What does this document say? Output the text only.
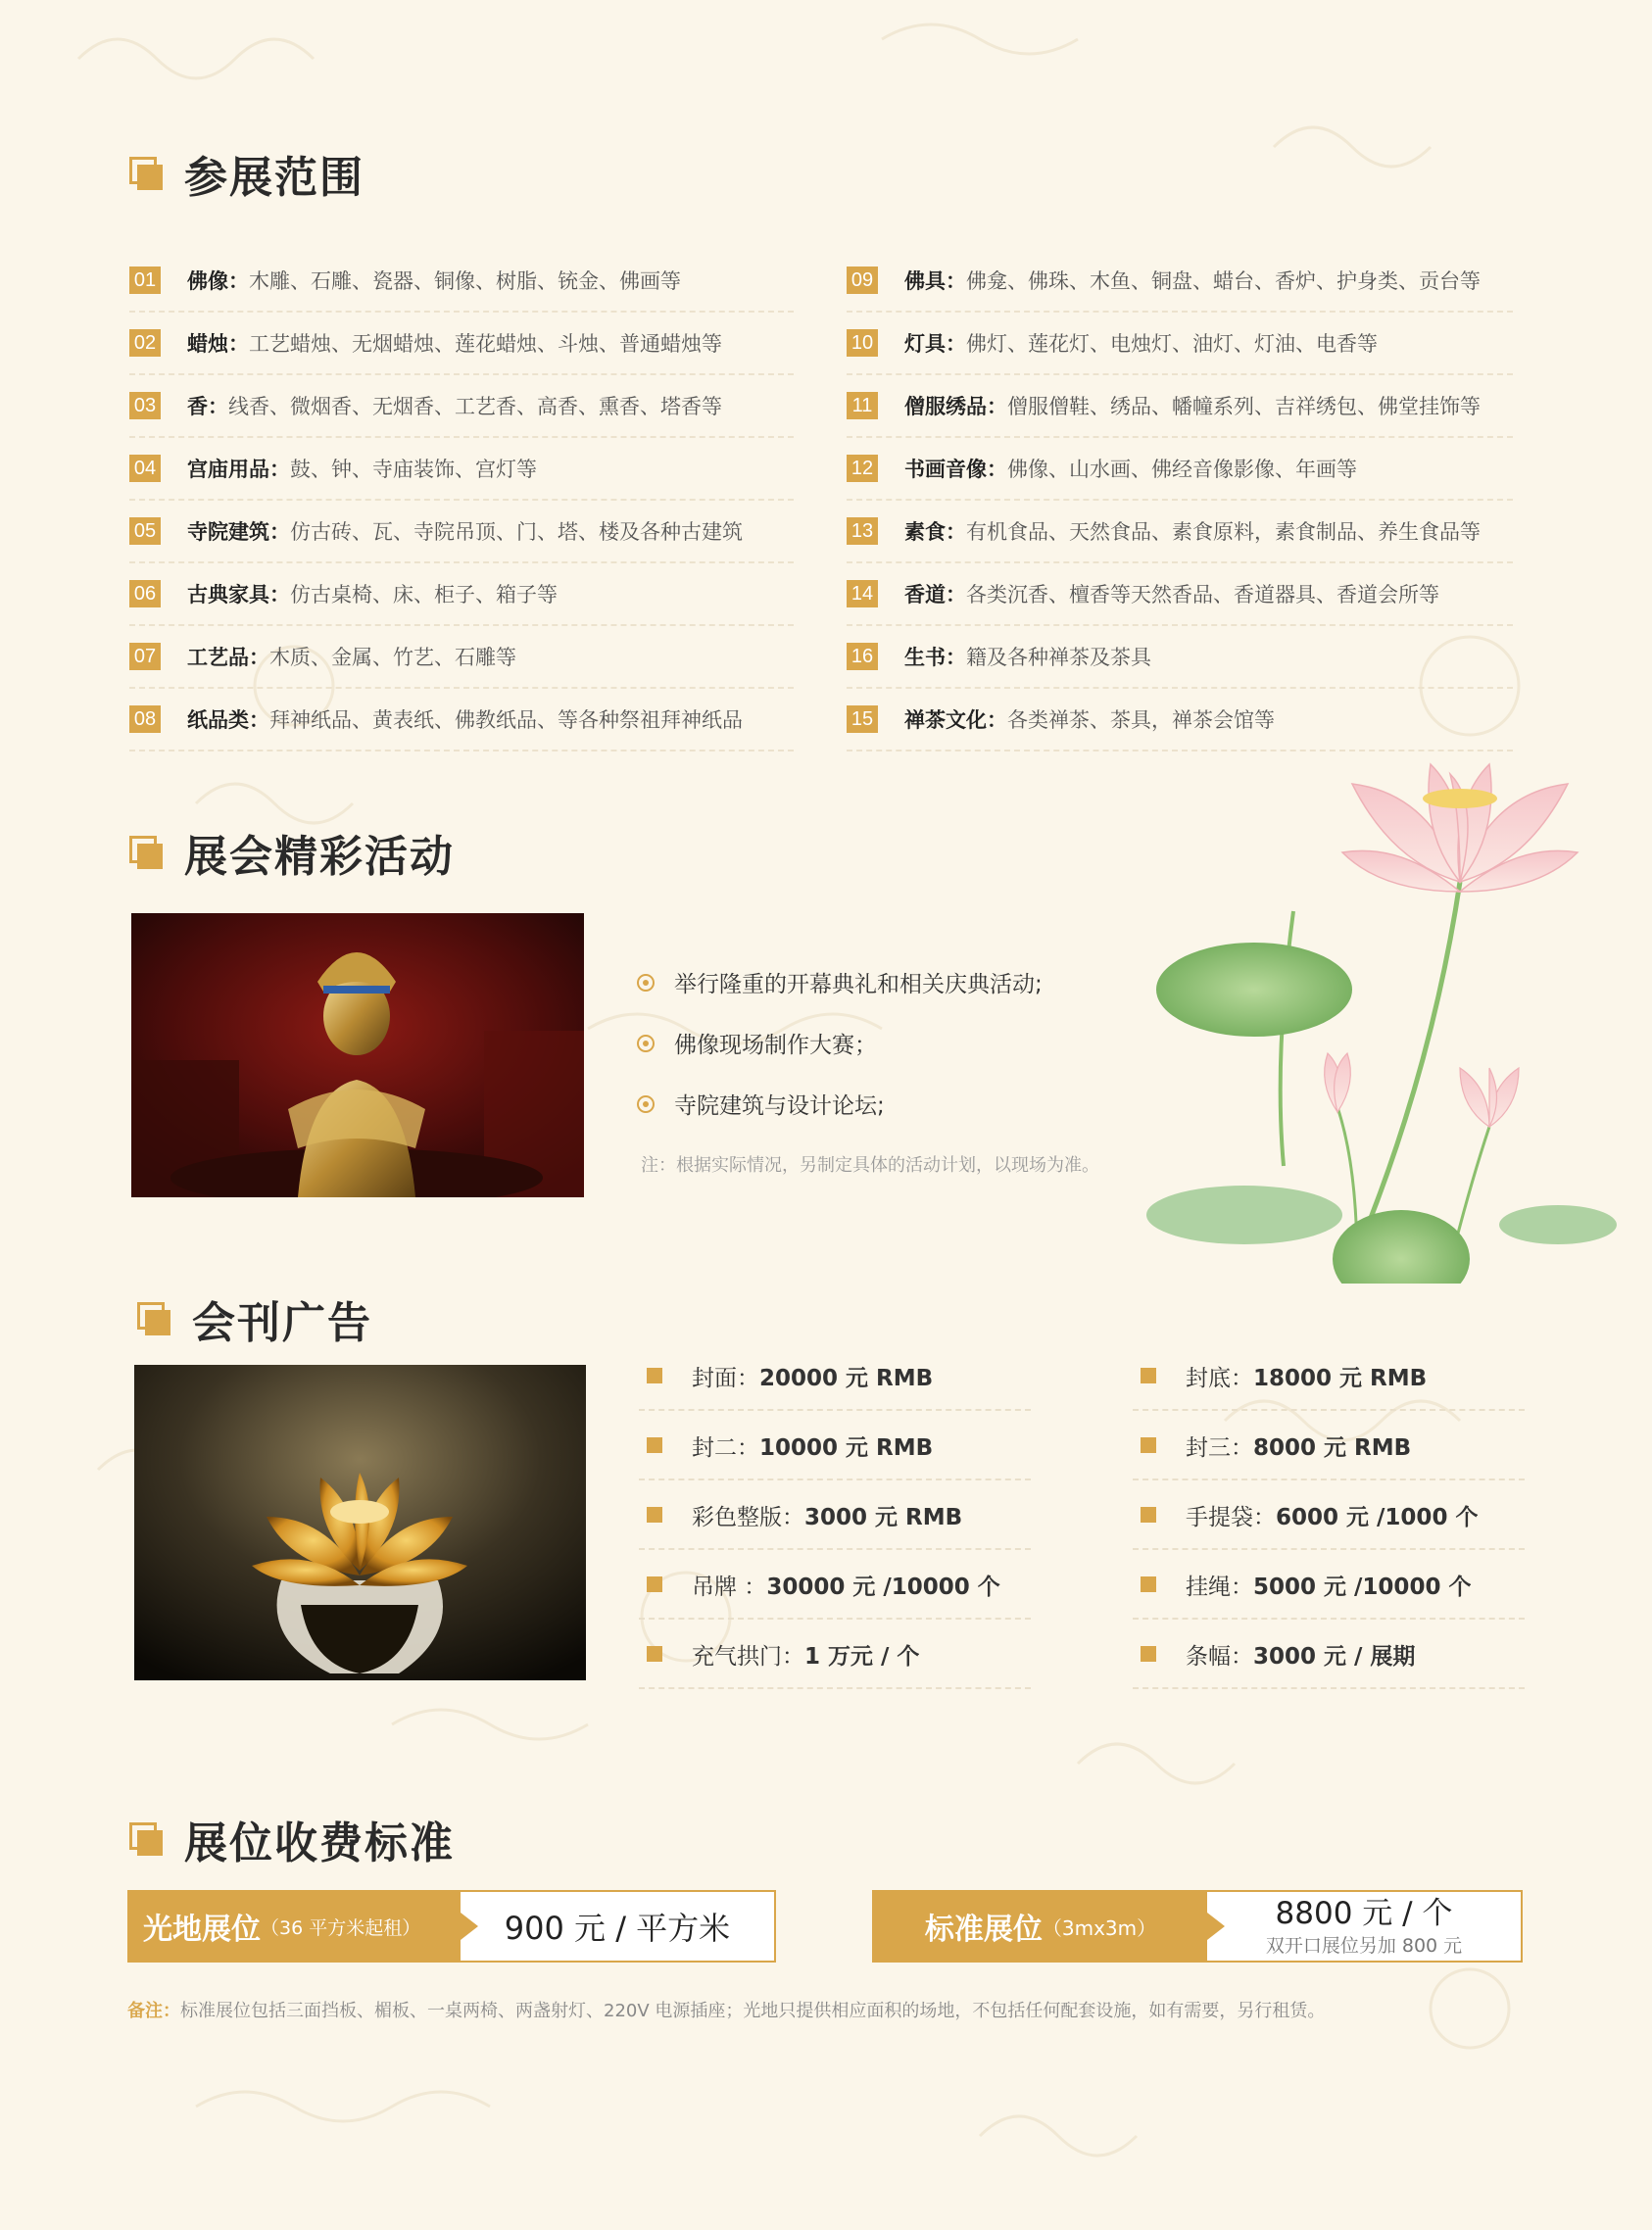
参展范围
01 佛像：木雕、石雕、瓷器、铜像、树脂、铳金、佛画等
02 蜡烛：工艺蜡烛、无烟蜡烛、莲花蜡烛、斗烛、普通蜡烛等
03 香：线香、微烟香、无烟香、工艺香、高香、熏香、塔香等
04 宫庙用品：鼓、钟、寺庙装饰、宫灯等
05 寺院建筑：仿古砖、瓦、寺院吊顶、门、塔、楼及各种古建筑
06 古典家具：仿古桌椅、床、柜子、箱子等
07 工艺品：木质、金属、竹艺、石雕等
08 纸品类：拜神纸品、黄表纸、佛教纸品、等各种祭祖拜神纸品
09 佛具：佛龛、佛珠、木鱼、铜盘、蜡台、香炉、护身类、贡台等
10 灯具：佛灯、莲花灯、电烛灯、油灯、灯油、电香等
11 僧服绣品：僧服僧鞋、绣品、幡幢系列、吉祥绣包、佛堂挂饰等
12 书画音像：佛像、山水画、佛经音像影像、年画等
13 素食：有机食品、天然食品、素食原料，素食制品、养生食品等
14 香道：各类沉香、檀香等天然香品、香道器具、香道会所等
16 生书：籍及各种禅茶及茶具
15 禅茶文化：各类禅茶、茶具，禅茶会馆等
展会精彩活动
举行隆重的开幕典礼和相关庆典活动;
佛像现场制作大赛；
寺院建筑与设计论坛;
注：根据实际情况，另制定具体的活动计划，以现场为准。
会刊广告
封面： 20000 元 RMB
封二： 10000 元 RMB
彩色整版： 3000 元 RMB
吊牌 ： 30000 元 /10000 个
充气拱门： 1 万元 / 个
封底： 18000 元 RMB
封三： 8000 元 RMB
手提袋： 6000 元 /1000 个
挂绳： 5000 元 /10000 个
条幅： 3000 元 / 展期
展位收费标准
光地展位 （36 平方米起租）	900 元 / 平方米	标准展位 （3mx3m）	8800 元 / 个
双开口展位另加 800 元
备注：标准展位包括三面挡板、楣板、一桌两椅、两盏射灯、220V 电源插座；光地只提供相应面积的场地，不包括任何配套设施，如有需要，另行租赁。
